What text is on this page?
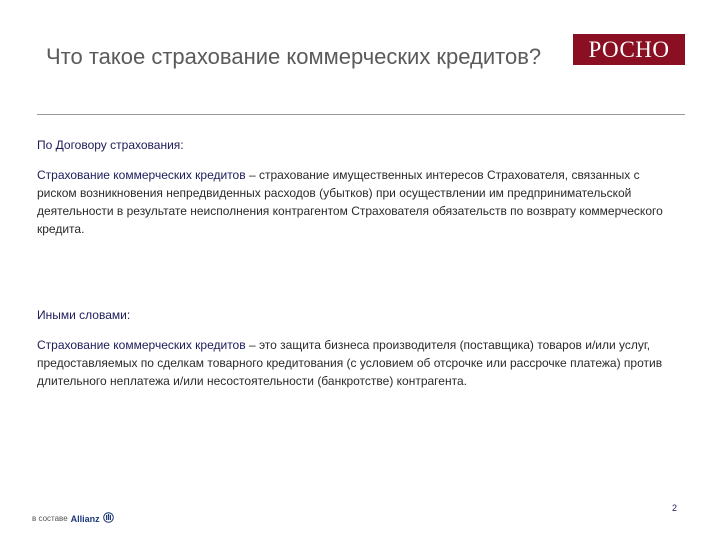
Что такое страхование коммерческих кредитов?	РОСНО

По Договору страхования:

Страхование коммерческих кредитов – страхование имущественных интересов Страхователя, связанных с риском возникновения непредвиденных расходов (убытков) при осуществлении им предпринимательской деятельности в результате неисполнения контрагентом Страхователя обязательств по возврату коммерческого кредита.

Иными словами:

Страхование коммерческих кредитов – это защита бизнеса производителя (поставщика) товаров и/или услуг, предоставляемых по сделкам товарного кредитования (с условием об отсрочке или рассрочке платежа) против длительного неплатежа и/или несостоятельности (банкротстве) контрагента.

2
в составе Allianz
